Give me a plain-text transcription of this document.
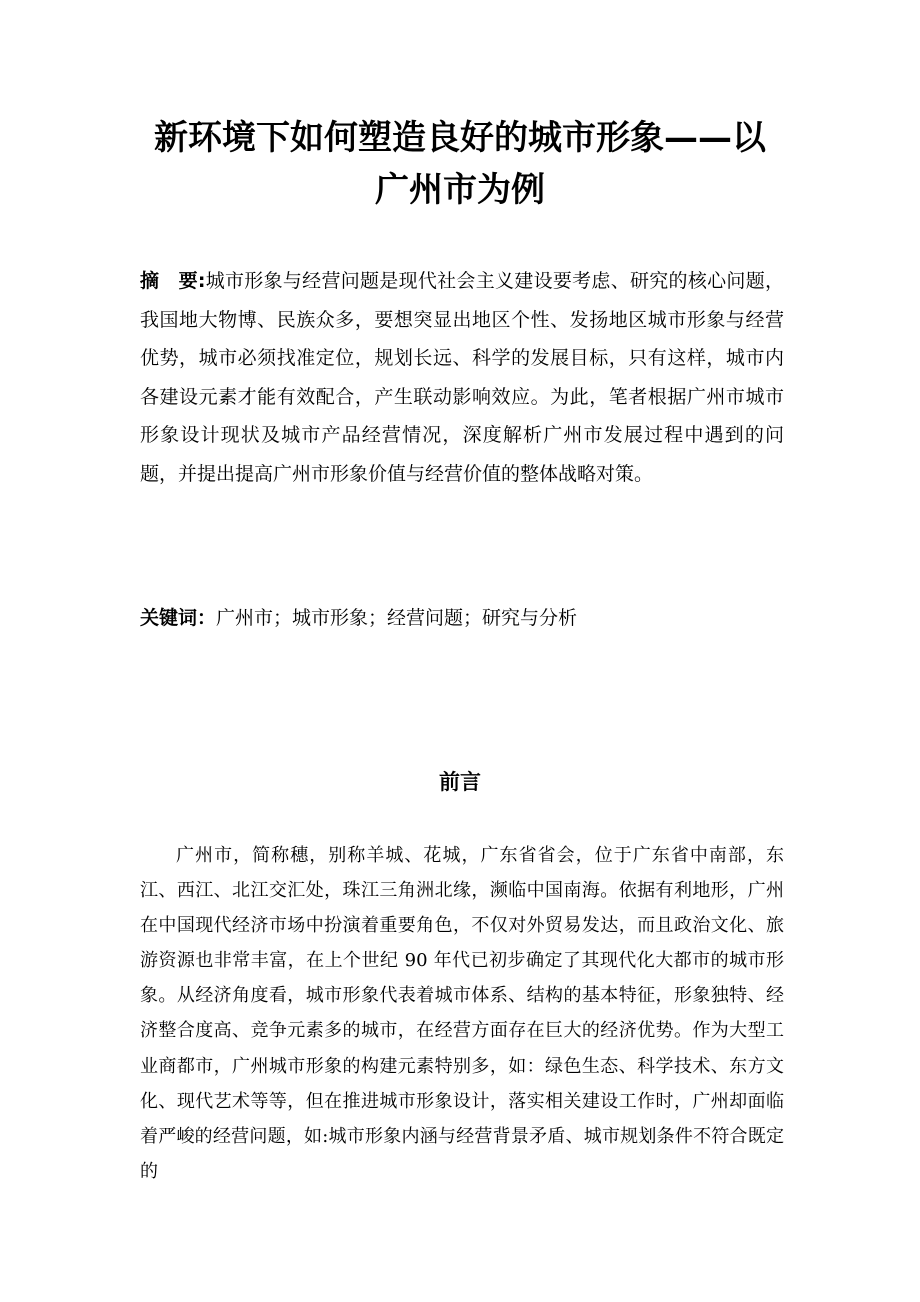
新环境下如何塑造良好的城市形象——以
广州市为例

摘　要:城市形象与经营问题是现代社会主义建设要考虑、研究的核心问题，我国地大物博、民族众多，要想突显出地区个性、发扬地区城市形象与经营优势，城市必须找准定位，规划长远、科学的发展目标，只有这样，城市内各建设元素才能有效配合，产生联动影响效应。为此，笔者根据广州市城市形象设计现状及城市产品经营情况，深度解析广州市发展过程中遇到的问题，并提出提高广州市形象价值与经营价值的整体战略对策。

关键词：广州市；城市形象；经营问题；研究与分析

前言

广州市，简称穗，别称羊城、花城，广东省省会，位于广东省中南部，东江、西江、北江交汇处，珠江三角洲北缘，濒临中国南海。依据有利地形，广州在中国现代经济市场中扮演着重要角色，不仅对外贸易发达，而且政治文化、旅游资源也非常丰富，在上个世纪 90 年代已初步确定了其现代化大都市的城市形象。从经济角度看，城市形象代表着城市体系、结构的基本特征，形象独特、经济整合度高、竞争元素多的城市，在经营方面存在巨大的经济优势。作为大型工业商都市，广州城市形象的构建元素特别多，如：绿色生态、科学技术、东方文化、现代艺术等等，但在推进城市形象设计，落实相关建设工作时，广州却面临着严峻的经营问题，如:城市形象内涵与经营背景矛盾、城市规划条件不符合既定的
